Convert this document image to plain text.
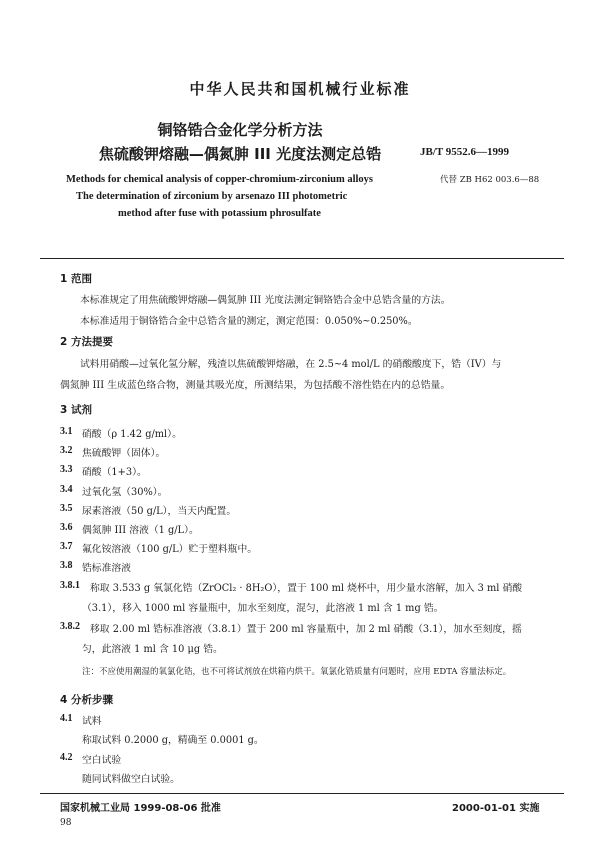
中华人民共和国机械行业标准
铜铬锆合金化学分析方法
焦硫酸钾熔融—偶氮胂 III 光度法测定总锆	JB/T 9552.6—1999
Methods for chemical analysis of copper-chromium-zirconium alloys
The determination of zirconium by arsenazo III photometric
method after fuse with potassium phrosulfate
代替 ZB H62 003.6—88
1 范围
本标准规定了用焦硫酸钾熔融—偶氮胂 III 光度法测定铜铬锆合金中总锆含量的方法。
本标准适用于铜铬锆合金中总锆含量的测定，测定范围：0.050%~0.250%。
2 方法提要
试料用硝酸—过氧化氢分解，残渣以焦硫酸钾熔融，在 2.5~4 mol/L 的硝酸酸度下，锆（IV）与
偶氮胂 III 生成蓝色络合物，测量其吸光度，所测结果，为包括酸不溶性锆在内的总锆量。
3 试剂
3.1 硝酸（ρ 1.42 g/ml）。
3.2 焦硫酸钾（固体）。
3.3 硝酸（1+3）。
3.4 过氧化氢（30%）。
3.5 尿素溶液（50 g/L），当天内配置。
3.6 偶氮胂 III 溶液（1 g/L）。
3.7 氟化铵溶液（100 g/L）贮于塑料瓶中。
3.8 锆标准溶液
3.8.1 称取 3.533 g 氧氯化锆（ZrOCl₂ · 8H₂O），置于 100 ml 烧杯中，用少量水溶解，加入 3 ml 硝酸
（3.1），移入 1000 ml 容量瓶中，加水至刻度，混匀，此溶液 1 ml 含 1 mg 锆。
3.8.2 移取 2.00 ml 锆标准溶液（3.8.1）置于 200 ml 容量瓶中，加 2 ml 硝酸（3.1），加水至刻度，摇
匀，此溶液 1 ml 含 10 μg 锆。
注：不应使用潮湿的氧氯化锆，也不可将试剂放在烘箱内烘干。氧氯化锆质量有问题时，应用 EDTA 容量法标定。
4 分析步骤
4.1 试料
称取试料 0.2000 g，精确至 0.0001 g。
4.2 空白试验
随同试料做空白试验。
国家机械工业局 1999-08-06 批准	2000-01-01 实施
98
